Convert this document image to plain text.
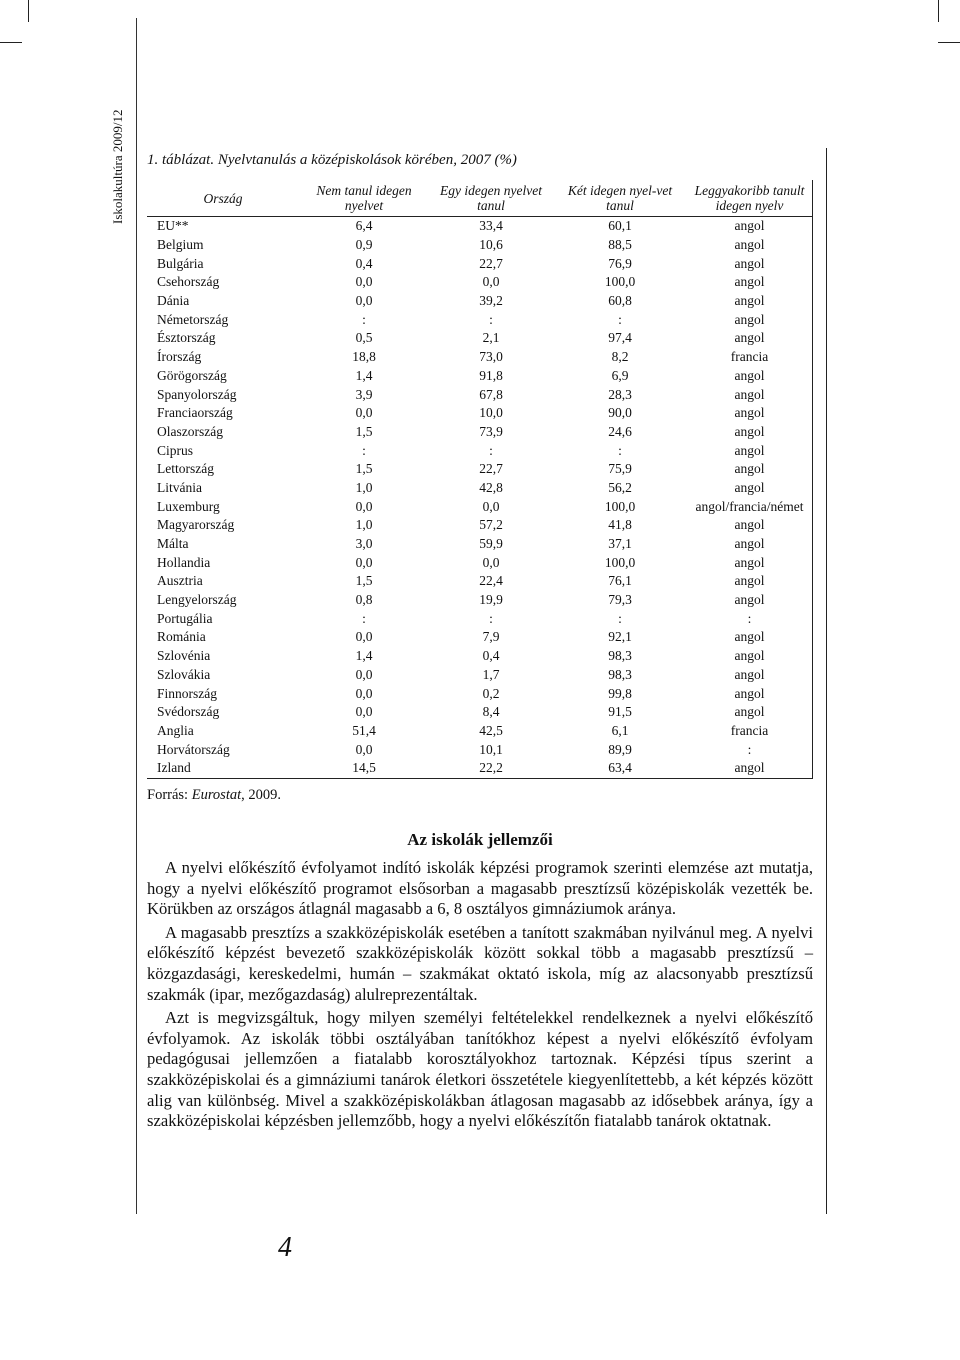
Iskolakultúra 2009/12	1. táblázat. Nyelvtanulás a középiskolások körében, 2007 (%)
Ország	Nem tanul idegen nyelvet	Egy idegen nyelvet tanul	Két idegen nyel-vet tanul	Leggyakoribb tanult idegen nyelv
EU**	6,4	33,4	60,1	angol
Belgium	0,9	10,6	88,5	angol
Bulgária	0,4	22,7	76,9	angol
Csehország	0,0	0,0	100,0	angol
Dánia	0,0	39,2	60,8	angol
Németország	:	:	:	angol
Észtország	0,5	2,1	97,4	angol
Írország	18,8	73,0	8,2	francia
Görögország	1,4	91,8	6,9	angol
Spanyolország	3,9	67,8	28,3	angol
Franciaország	0,0	10,0	90,0	angol
Olaszország	1,5	73,9	24,6	angol
Ciprus	:	:	:	angol
Lettország	1,5	22,7	75,9	angol
Litvánia	1,0	42,8	56,2	angol
Luxemburg	0,0	0,0	100,0	angol/francia/német
Magyarország	1,0	57,2	41,8	angol
Málta	3,0	59,9	37,1	angol
Hollandia	0,0	0,0	100,0	angol
Ausztria	1,5	22,4	76,1	angol
Lengyelország	0,8	19,9	79,3	angol
Portugália	:	:	:	:
Románia	0,0	7,9	92,1	angol
Szlovénia	1,4	0,4	98,3	angol
Szlovákia	0,0	1,7	98,3	angol
Finnország	0,0	0,2	99,8	angol
Svédország	0,0	8,4	91,5	angol
Anglia	51,4	42,5	6,1	francia
Horvátország	0,0	10,1	89,9	:
Izland	14,5	22,2	63,4	angol
Forrás: Eurostat, 2009.
Az iskolák jellemzői

A nyelvi előkészítő évfolyamot indító iskolák képzési programok szerinti elemzése azt mutatja, hogy a nyelvi előkészítő programot elsősorban a magasabb presztízsű középiskolák vezették be. Körükben az országos átlagnál magasabb a 6, 8 osztályos gimnáziumok aránya.

A magasabb presztízs a szakközépiskolák esetében a tanított szakmában nyilvánul meg. A nyelvi előkészítő képzést bevezető szakközépiskolák között sokkal több a magasabb presztízsű – közgazdasági, kereskedelmi, humán – szakmákat oktató iskola, míg az alacsonyabb presztízsű szakmák (ipar, mezőgazdaság) alulreprezentáltak.

Azt is megvizsgáltuk, hogy milyen személyi feltételekkel rendelkeznek a nyelvi előkészítő évfolyamok. Az iskolák többi osztályában tanítókhoz képest a nyelvi előkészítő évfolyam pedagógusai jellemzően a fiatalabb korosztályokhoz tartoznak. Képzési típus szerint a szakközépiskolai és a gimnáziumi tanárok életkori összetétele kiegyenlítettebb, a két képzés között alig van különbség. Mivel a szakközépiskolákban átlagosan magasabb az idősebbek aránya, így a szakközépiskolai képzésben jellemzőbb, hogy a nyelvi előkészítőn fiatalabb tanárok oktatnak.

4
